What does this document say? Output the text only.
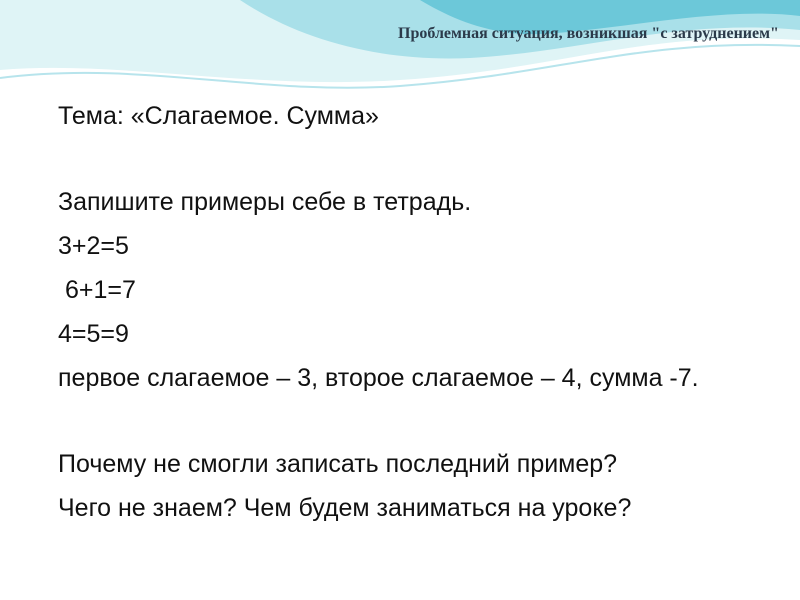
Проблемная ситуация, возникшая "с затруднением"
Тема: «Слагаемое. Сумма»
Запишите примеры себе в тетрадь.
3+2=5
6+1=7
4=5=9
первое слагаемое – 3, второе слагаемое – 4, сумма -7.
Почему не смогли записать последний пример?
Чего не знаем? Чем будем заниматься на уроке?
